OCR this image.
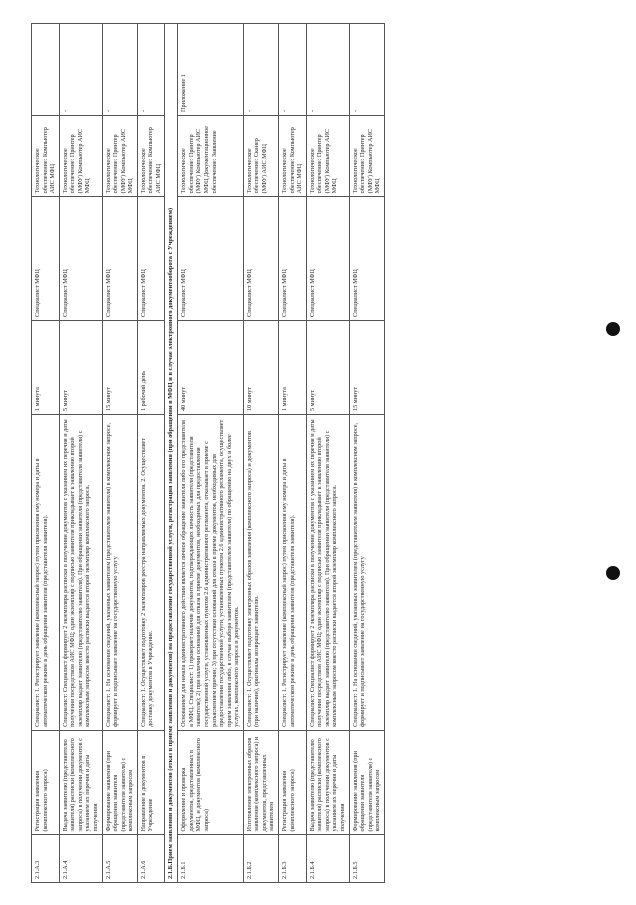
2.1.A.3	Регистрация заявления (комплексного запроса)	Специалист: 1. Регистрирует заявление (комплексный запрос) путем присвоения ему номера и даты в автоматическом режиме в день обращения заявителя (представителя заявителя).	1 минута	Специалист МФЦ	Технологическое обеспечение: Компьютер АИС МФЦ	
2.1.A.4	Выдача заявителю (представителю заявителя) расписки (комплексного запроса) в получении документов с указанием их перечня и даты получения	Специалист: Специалист формирует 2 экземпляра расписки в получении документов с указанием их перечня и даты получения посредством АИС МФЦ; один экземпляр с подписью заявителя прикладывает к заявлению второй экземпляр выдает заявителю (представителю заявителя). При обращении заявителя (представителя заявителя) с комплексным запросом вместо расписки выдается второй экземпляр комплексного запроса.	5 минут	Специалист МФЦ	Технологическое обеспечение: Принтер (МФУ) Компьютер АИС МФЦ	-
2.1.A.5	Формирование заявления (при обращении заявителя (представителя заявителя) с комплексным запросом	Специалист: 1. На основании сведений, указанных заявителем (представителем заявителя) в комплексном запросе, формирует и подписывает заявление на государственную услугу	15 минут	Специалист МФЦ	Технологическое обеспечение: Принтер (МФУ) Компьютер АИС МФЦ	-
2.1.A.6	Направление в документов в Учреждение	Специалист: 1. Осуществляет подготовку 2 экземпляров реестра направляемых документов. 2. Осуществляет доставку документов в Учреждение.	1 рабочий день	Специалист МФЦ	Технологическое обеспечение: Компьютер АИС МФЦ	-
2.1.Б.Прием заявления и документов (отказ в приеме заявления и документов) на предоставление государственной услуги, регистрация заявления (при обращении в МФЦ и в случае электронного документооборота с Учреждением)						
2.1.Б.1	Оформление и проверка документов, представленных в МФЦ, и документов (комплексного запроса)	Основанием для начала административного действия является личное обращение заявителя либо его представителя в МФЦ. Специалист: 1) проверяет наличие документов, подтверждающих личность заявителя (представителя заявителя); 2) при наличии оснований для отказа в приеме документов, необходимых для предоставления государственной услуги, установленных пунктом 2.6 административного регламента, отказывает в приеме с разъяснением причин; 3) при отсутствии оснований для отказа в приеме документов, необходимых для предоставления государственной услуги, установленных пунктом 2.6 административного регламента, осуществляет прием заявления либо, в случае выбора заявителем (представителем заявителя) по обращению на двух и более услугах, комплексного запроса и документов.	40 минут	Специалист МФЦ	Технологическое обеспечение: Принтер (МФУ) Компьютер АИС МФЦ Документационное обеспечение: Заявление	Приложение 1
2.1.Б.2	Изготовление электронных образов заявления (комплексного запроса) и документов, представленных заявителем	Специалист: 1. Осуществляет подготовку электронных образов заявления (комплексного запроса) и документов (при наличии), оригиналы возвращает заявителю.	10 минут	Специалист МФЦ	Технологическое обеспечение: Сканер (МФУ) АИС МФЦ	-
2.1.Б.3	Регистрация заявления (комплексного запроса)	Специалист: 1. Регистрирует заявление (комплексный запрос) путем присвоения ему номера и даты в автоматическом режиме в день обращения заявителя (представителя заявителя).	1 минута	Специалист МФЦ	Технологическое обеспечение: Компьютер АИС МФЦ	-
2.1.Б.4	Выдача заявителю (представителю заявителя) расписки (комплексного запроса) в получении документов с указанием их перечня и даты получения	Специалист: Специалист формирует 2 экземпляра расписки в получении документов с указанием их перечня и даты получения посредством АИС МФЦ; один экземпляр с подписью заявителя прикладывает к заявлению второй экземпляр выдает заявителю (представителю заявителя). При обращении заявителя (представителя заявителя) с комплексным запросом вместо расписки выдается второй экземпляр комплексного запроса.	5 минут	Специалист МФЦ	Технологическое обеспечение: Принтер (МФУ) Компьютер АИС МФЦ	-
2.1.Б.5	Формирование заявления (при обращении заявителя (представителя заявителя) с комплексным запросом	Специалист: 1. На основании сведений, указанных заявителем (представителем заявителя) в комплексном запросе, формирует и подписывает заявление на государственную услугу	15 минут	Специалист МФЦ	Технологическое обеспечение: Принтер (МФУ) Компьютер АИС МФЦ	-
